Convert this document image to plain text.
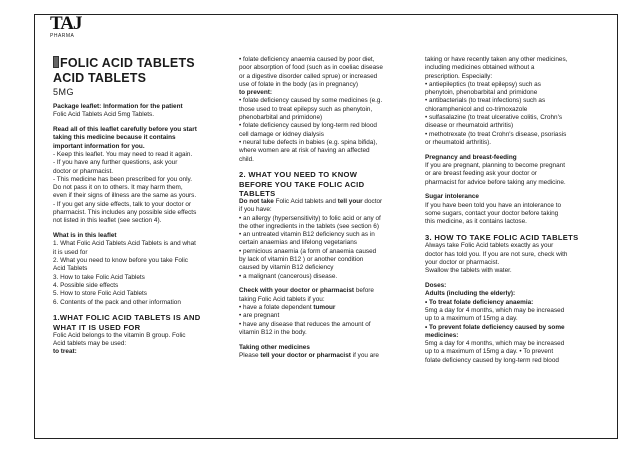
TAJ
PHARMA

FOLIC ACID TABLETS

ACID TABLETS

5MG

Package leaflet: Information for the patient

Folic Acid Tablets Acid 5mg Tablets.

Read all of this leaflet carefully before you start

taking this medicine because it contains

important information for you.

- Keep this leaflet. You may need to read it again.

- If you have any further questions, ask your

doctor or pharmacist.

- This medicine has been prescribed for you only.

Do not pass it on to others. It may harm them,

even if their signs of illness are the same as yours.

- If you get any side effects, talk to your doctor or

pharmacist. This includes any possible side effects

not listed in this leaflet (see section 4).

What is in this leaflet

1. What Folic Acid Tablets Acid Tablets is and what

it is used for

2. What you need to know before you take Folic

Acid Tablets

3. How to take Folic Acid Tablets

4. Possible side effects

5. How to store Folic Acid Tablets

6. Contents of the pack and other information

1.WHAT FOLIC ACID TABLETS IS AND

WHAT IT IS USED FOR

Folic Acid belongs to the vitamin B group. Folic

Acid tablets may be used:

to treat:

• folate deficiency anaemia caused by poor diet,

poor absorption of food (such as in coeliac disease

or a digestive disorder called sprue) or increased

use of folate in the body (as in pregnancy)

to prevent:

• folate deficiency caused by some medicines (e.g.

those used to treat epilepsy such as phenytoin,

phenobarbital and primidone)

• folate deficiency caused by long-term red blood

cell damage or kidney dialysis

• neural tube defects in babies (e.g. spina bifida),

where women are at risk of having an affected

child.

2. WHAT YOU NEED TO KNOW

BEFORE YOU TAKE FOLIC ACID

TABLETS

Do not take Folic Acid tablets and tell your doctor

if you have:

• an allergy (hypersensitivity) to folic acid or any of

the other ingredients in the tablets (see section 6)

• an untreated vitamin B12 deficiency such as in

certain anaemias and lifelong vegetarians

• pernicious anaemia (a form of anaemia caused

by lack of vitamin B12 ) or another condition

caused by vitamin B12 deficiency

• a malignant (cancerous) disease.

Check with your doctor or pharmacist before

taking Folic Acid tablets if you:

• have a folate dependent tumour

• are pregnant

• have any disease that reduces the amount of

vitamin B12 in the body.

Taking other medicines

Please tell your doctor or pharmacist if you are

taking or have recently taken any other medicines,

including medicines obtained without a

prescription. Especially:

• antiepileptics (to treat epilepsy) such as

phenytoin, phenobarbital and primidone

• antibacterials (to treat infections) such as

chloramphenicol and co-trimoxazole

• sulfasalazine (to treat ulcerative colitis, Crohn's

disease or rheumatoid arthritis)

• methotrexate (to treat Crohn's disease, psoriasis

or rheumatoid arthritis).

Pregnancy and breast-feeding

If you are pregnant, planning to become pregnant

or are breast feeding ask your doctor or

pharmacist for advice before taking any medicine.

Sugar intolerance

If you have been told you have an intolerance to

some sugars, contact your doctor before taking

this medicine, as it contains lactose.

3. HOW TO TAKE FOLIC ACID TABLETS

Always take Folic Acid tablets exactly as your

doctor has told you. If you are not sure, check with

your doctor or pharmacist.

Swallow the tablets with water.

Doses:

Adults (including the elderly):

• To treat folate deficiency anaemia:

5mg a day for 4 months, which may be increased

up to a maximum of 15mg a day.

• To prevent folate deficiency caused by some

medicines:

5mg a day for 4 months, which may be increased

up to a maximum of 15mg a day. • To prevent

folate deficiency caused by long-term red blood
